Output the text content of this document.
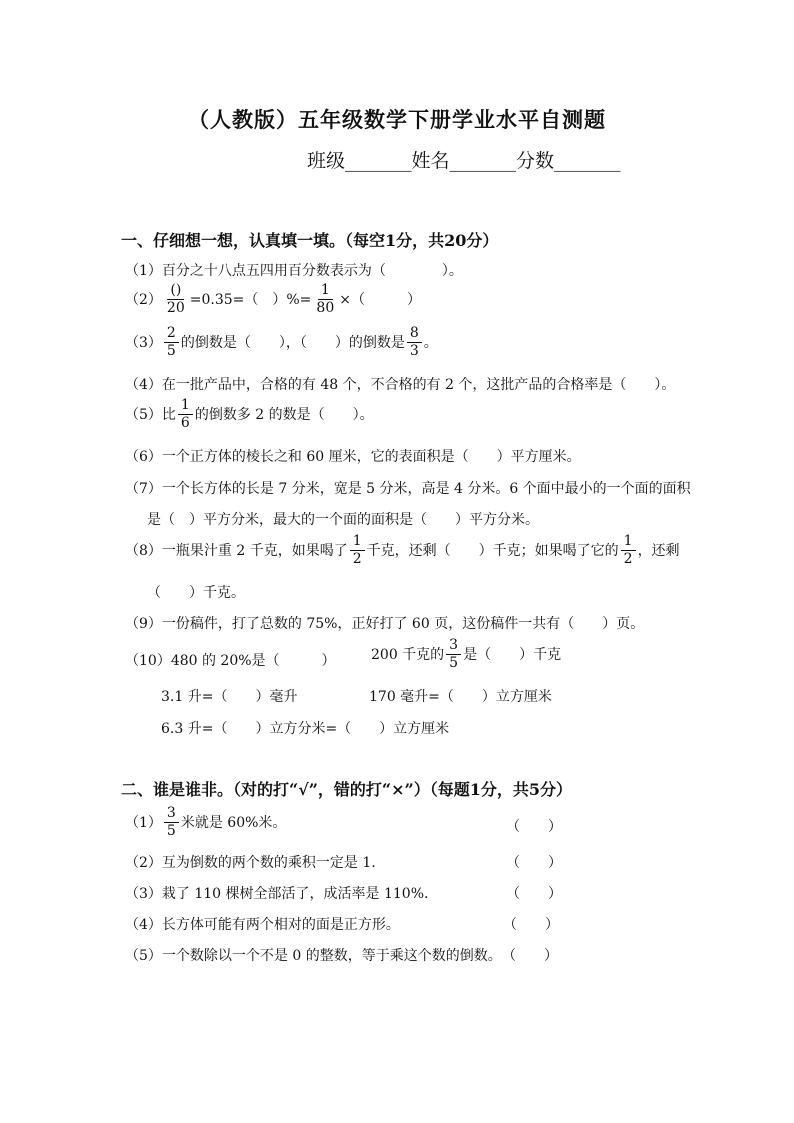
（人教版）五年级数学下册学业水平自测题
班级_______姓名_______分数_______
一、仔细想一想，认真填一填。（每空1分，共20分）
（1）百分之十八点五四用百分数表示为（　　　　）。
$(2) \frac{()}{20} =0.35=$（　）%= $\frac{1}{80}$ ×（　　　）
$(3) \frac{2}{5}$ 的倒数是（　　），（　　）的倒数是 $\frac{8}{3}$ 。
（4）在一批产品中，合格的有 48 个，不合格的有 2 个，这批产品的合格率是（　　）。
（5）比 $\frac{1}{6}$ 的倒数多 2 的数是（　　）。
（6）一个正方体的棱长之和 60 厘米，它的表面积是（　　）平方厘米。
（7）一个长方体的长是 7 分米，宽是 5 分米，高是 4 分米。6 个面中最小的一个面的面积
是（　）平方分米，最大的一个面的面积是（　　）平方分米。
（8）一瓶果汁重 2 千克，如果喝了 $\frac{1}{2}$ 千克，还剩（　　）千克；如果喝了它的 $\frac{1}{2}$ ，还剩
（　　）千克。
（9）一份稿件，打了总数的 75%，正好打了 60 页，这份稿件一共有（　　）页。
（10）480 的 20%是（　　　）	200 千克的 $\frac{3}{5}$ 是（　　）千克
3.1 升=（　　）毫升	170 毫升=（　　）立方厘米
6.3 升=（　　）立方分米=（　　）立方厘米
二、谁是谁非。（对的打“√”，错的打“×”）（每题1分，共5分）
$(1) \frac{3}{5}$ 米就是 60%米。	（　　）
（2）互为倒数的两个数的乘积一定是 1.	（　　）
（3）栽了 110 棵树全部活了，成活率是 110%.	（　　）
（4）长方体可能有两个相对的面是正方形。	（　　）
（5）一个数除以一个不是 0 的整数，等于乘这个数的倒数。 （　　）
